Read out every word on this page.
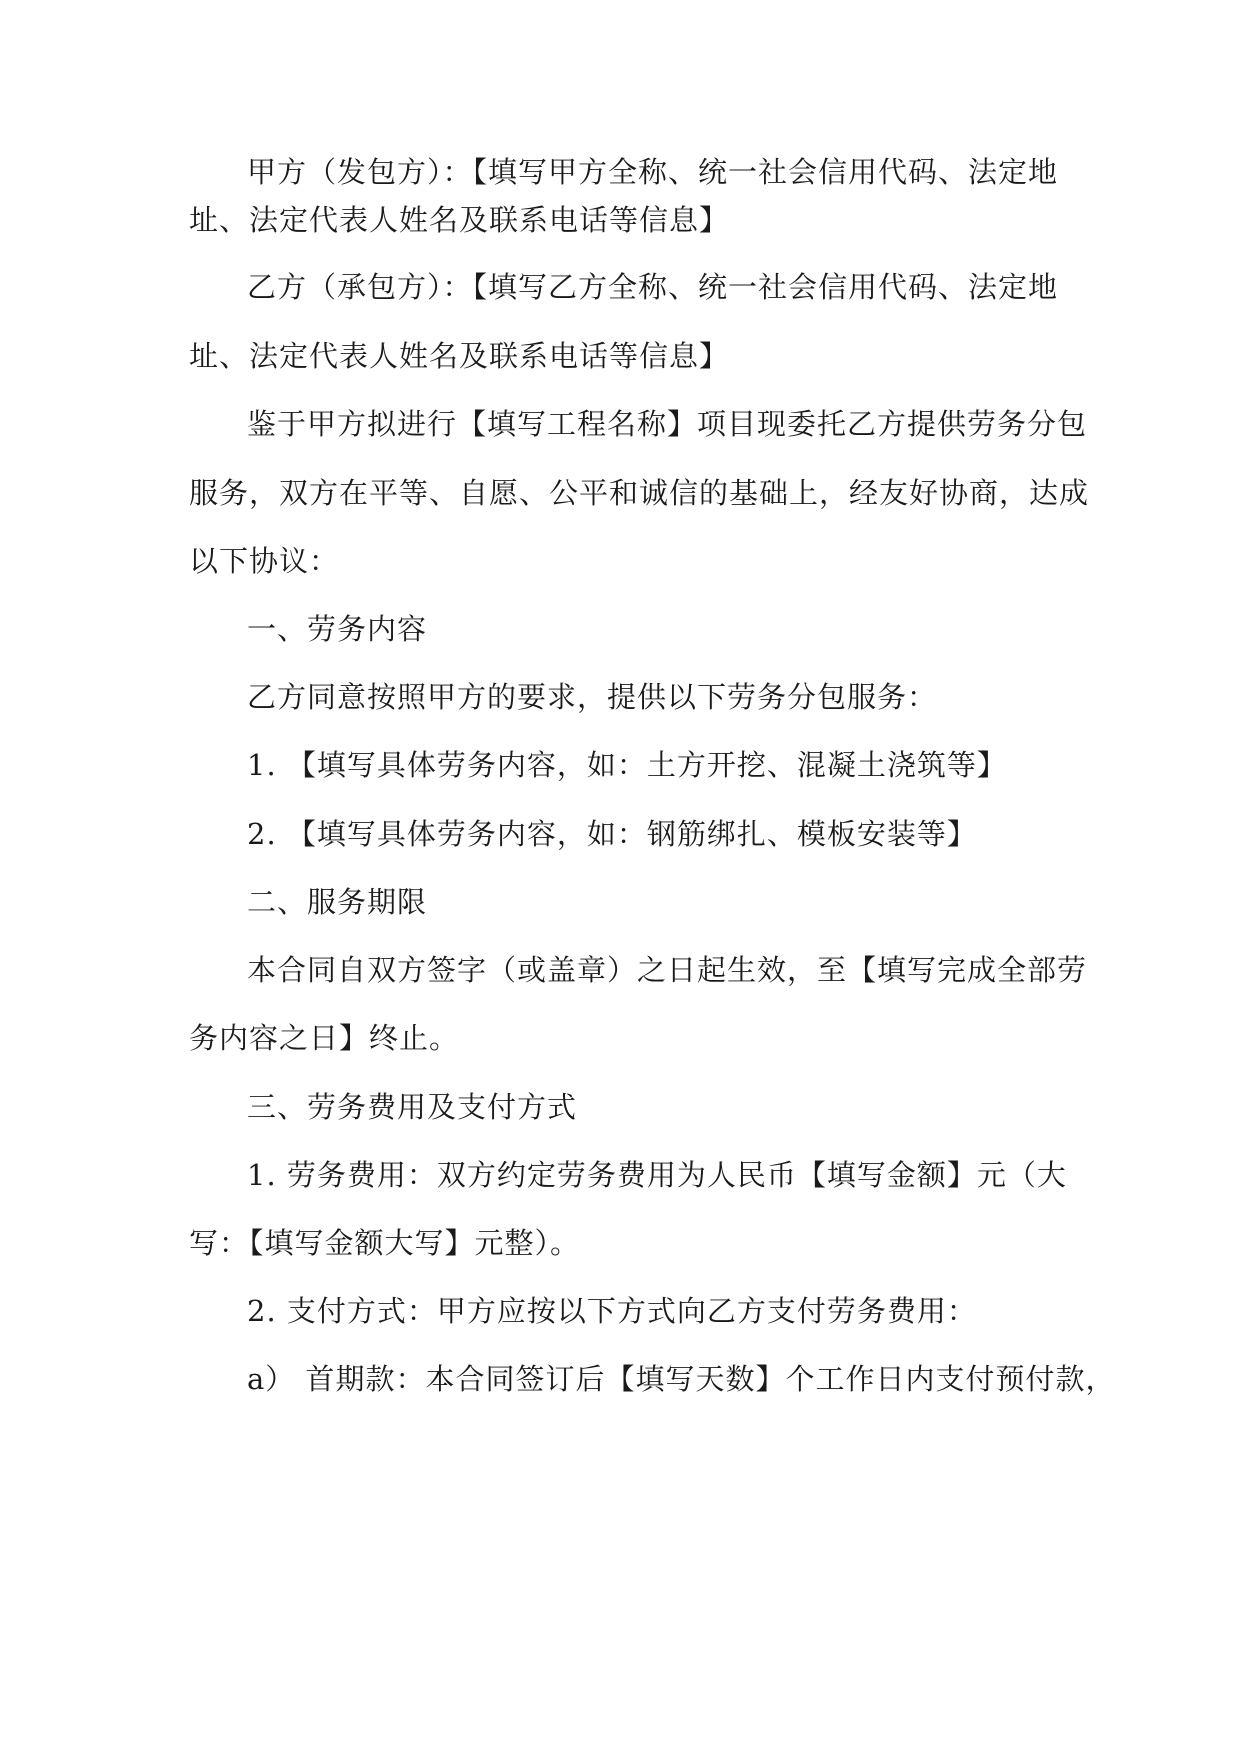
甲方（发包方）：【填写甲方全称、统一社会信用代码、法定地
址、法定代表人姓名及联系电话等信息】
乙方（承包方）：【填写乙方全称、统一社会信用代码、法定地
址、法定代表人姓名及联系电话等信息】
鉴于甲方拟进行【填写工程名称】项目现委托乙方提供劳务分包
服务，双方在平等、自愿、公平和诚信的基础上，经友好协商，达成
以下协议：
一、劳务内容
乙方同意按照甲方的要求，提供以下劳务分包服务：
1. 【填写具体劳务内容，如：土方开挖、混凝土浇筑等】
2. 【填写具体劳务内容，如：钢筋绑扎、模板安装等】
二、服务期限
本合同自双方签字（或盖章）之日起生效，至【填写完成全部劳
务内容之日】终止。
三、劳务费用及支付方式
1. 劳务费用：双方约定劳务费用为人民币【填写金额】元（大
写：【填写金额大写】元整）。
2. 支付方式：甲方应按以下方式向乙方支付劳务费用：
a） 首期款：本合同签订后【填写天数】个工作日内支付预付款，
